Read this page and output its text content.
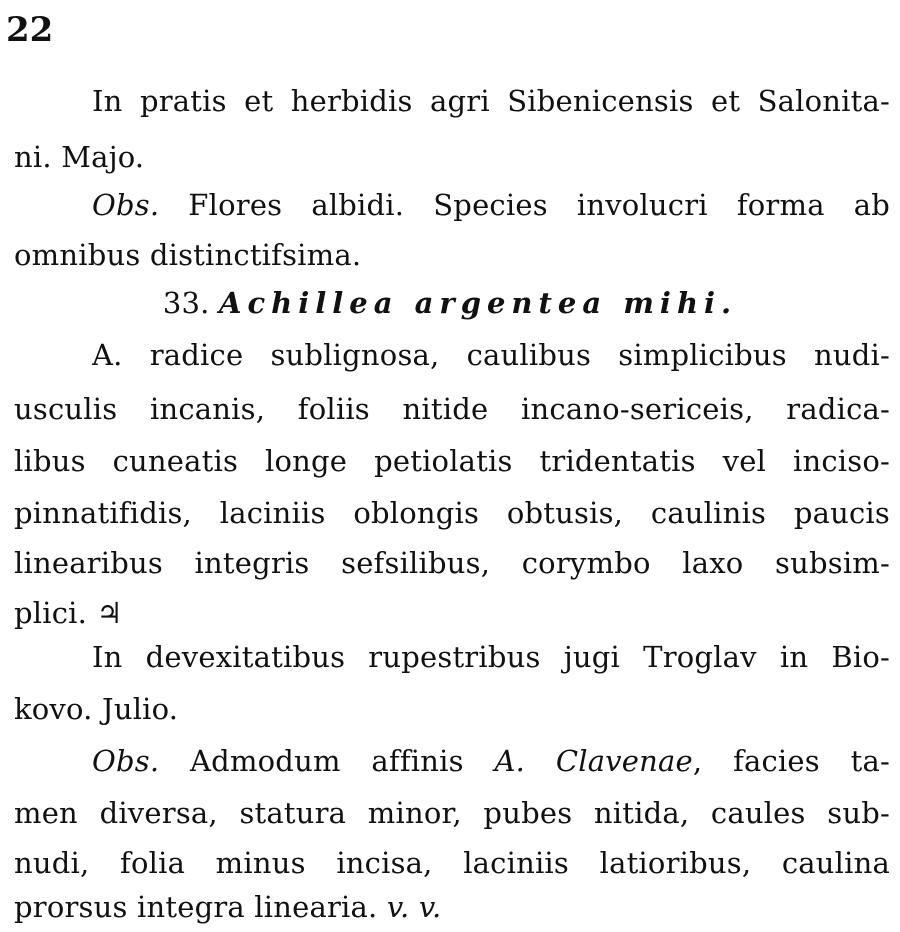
22
In pratis et herbidis agri Sibenicensis et Salonita-
ni. Majo.
Obs. Flores albidi. Species involucri forma ab
omnibus distinctifsima.
33. Achillea argentea mihi.
A. radice sublignosa, caulibus simplicibus nudi-
usculis incanis, foliis nitide incano-sericeis, radica-
libus cuneatis longe petiolatis tridentatis vel inciso-
pinnatifidis, laciniis oblongis obtusis, caulinis paucis
linearibus integris sefsilibus, corymbo laxo subsim-
plici. ♃
In devexitatibus rupestribus jugi Troglav in Bio-
kovo. Julio.
Obs. Admodum affinis A. Clavenae, facies ta-
men diversa, statura minor, pubes nitida, caules sub-
nudi, folia minus incisa, laciniis latioribus, caulina
prorsus integra linearia. v. v.
